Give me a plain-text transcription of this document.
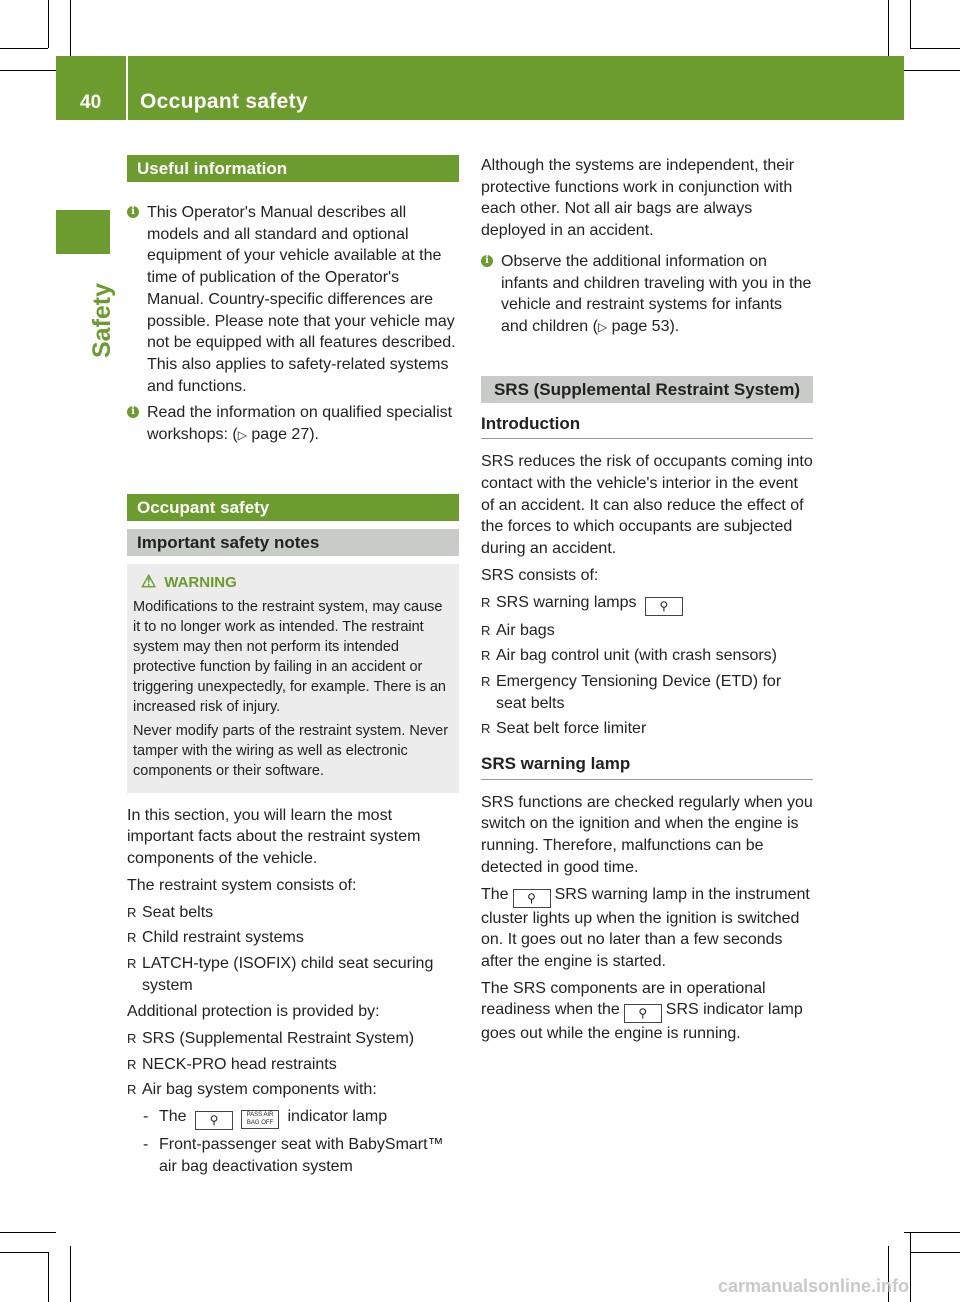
40 Occupant safety
Safety
Useful information
i This Operator's Manual describes all models and all standard and optional equipment of your vehicle available at the time of publication of the Operator's Manual. Country-specific differences are possible. Please note that your vehicle may not be equipped with all features described. This also applies to safety-related systems and functions.
i Read the information on qualified specialist workshops: (▷ page 27).
Occupant safety
Important safety notes
⚠ WARNING

Modifications to the restraint system, may cause it to no longer work as intended. The restraint system may then not perform its intended protective function by failing in an accident or triggering unexpectedly, for example. There is an increased risk of injury.

Never modify parts of the restraint system. Never tamper with the wiring as well as electronic components or their software.

In this section, you will learn the most important facts about the restraint system components of the vehicle.

The restraint system consists of:

R Seat belts
R Child restraint systems
R LATCH-type (ISOFIX) child seat securing system

Additional protection is provided by:

R SRS (Supplemental Restraint System)
R NECK-PRO head restraints
R Air bag system components with:
- The ⚲	PASS AIR BAG OFF indicator lamp
- Front-passenger seat with BabySmart™ air bag deactivation system

Although the systems are independent, their protective functions work in conjunction with each other. Not all air bags are always deployed in an accident.

i Observe the additional information on infants and children traveling with you in the vehicle and restraint systems for infants and children (▷ page 53).
SRS (Supplemental Restraint System)
Introduction

SRS reduces the risk of occupants coming into contact with the vehicle's interior in the event of an accident. It can also reduce the effect of the forces to which occupants are subjected during an accident.

SRS consists of:

R SRS warning lamps ⚲
R Air bags
R Air bag control unit (with crash sensors)
R Emergency Tensioning Device (ETD) for seat belts
R Seat belt force limiter
SRS warning lamp

SRS functions are checked regularly when you switch on the ignition and when the engine is running. Therefore, malfunctions can be detected in good time.

The ⚲ SRS warning lamp in the instrument cluster lights up when the ignition is switched on. It goes out no later than a few seconds after the engine is started.

The SRS components are in operational readiness when the ⚲ SRS indicator lamp goes out while the engine is running.

carmanualsonline.info
